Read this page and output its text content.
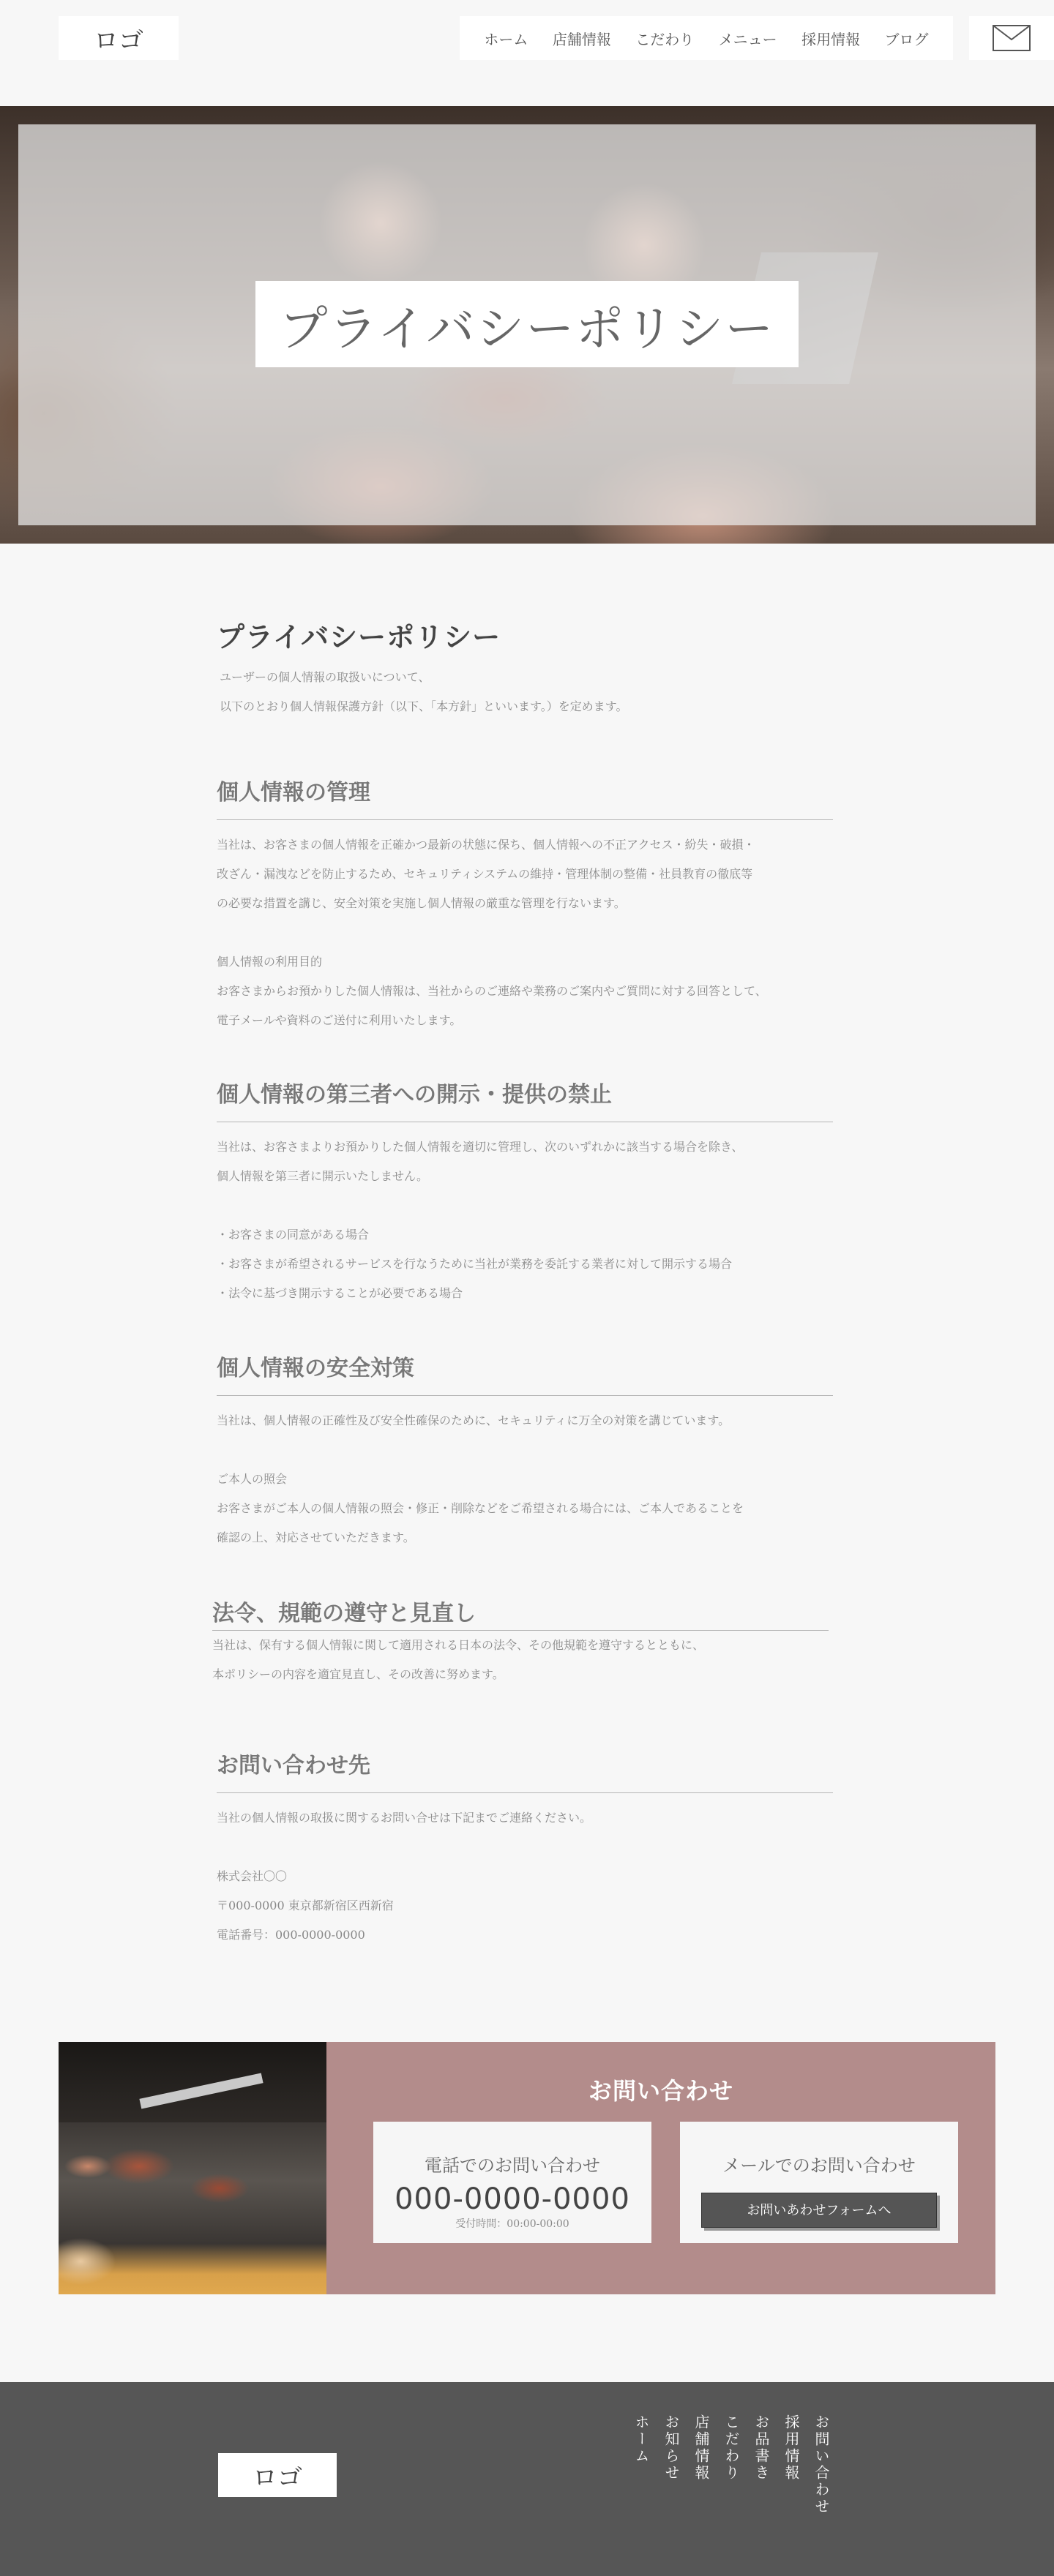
ロゴ	ホーム 店舗情報 こだわり メニュー 採用情報 ブログ
プライバシーポリシー
プライバシーポリシー

ユーザーの個人情報の取扱いについて、

以下のとおり個人情報保護方針（以下、「本方針」といいます。）を定めます。

個人情報の管理

当社は、お客さまの個人情報を正確かつ最新の状態に保ち、個人情報への不正アクセス・紛失・破損・

改ざん・漏洩などを防止するため、セキュリティシステムの維持・管理体制の整備・社員教育の徹底等

の必要な措置を講じ、安全対策を実施し個人情報の厳重な管理を行ないます。

個人情報の利用目的

お客さまからお預かりした個人情報は、当社からのご連絡や業務のご案内やご質問に対する回答として、

電子メールや資料のご送付に利用いたします。

個人情報の第三者への開示・提供の禁止

当社は、お客さまよりお預かりした個人情報を適切に管理し、次のいずれかに該当する場合を除き、

個人情報を第三者に開示いたしません。

・お客さまの同意がある場合

・お客さまが希望されるサービスを行なうために当社が業務を委託する業者に対して開示する場合

・法令に基づき開示することが必要である場合

個人情報の安全対策

当社は、個人情報の正確性及び安全性確保のために、セキュリティに万全の対策を講じています。

ご本人の照会

お客さまがご本人の個人情報の照会・修正・削除などをご希望される場合には、ご本人であることを

確認の上、対応させていただきます。

法令、規範の遵守と見直し

当社は、保有する個人情報に関して適用される日本の法令、その他規範を遵守するとともに、

本ポリシーの内容を適宜見直し、その改善に努めます。

お問い合わせ先

当社の個人情報の取扱に関するお問い合せは下記までご連絡ください。

株式会社〇〇

〒000-0000 東京都新宿区西新宿

電話番号：000-0000-0000

お問い合わせ
電話でのお問い合わせ
000-0000-0000
受付時間：00:00-00:00
メールでのお問い合わせ
お問いあわせフォームへ
ロゴ
ホーム お知らせ 店舗情報 こだわり お品書き 採用情報 お問い合わせ
